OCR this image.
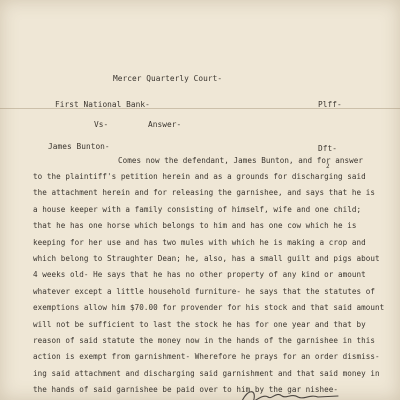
Mercer Quarterly Court-
First National Bank-	Plff-
Vs-	Answer-
James Bunton-	Dft-
Comes now the defendant, James Bunton, and for answer
to the plaintiff's petition herein and as a grounds for discharging said
2
the attachment herein and for releasing the garnishee, and says that he is
a house keeper with a family consisting of himself, wife and one child;
that he has one horse which belongs to him and has one cow which he is
keeping for her use and has two mules with which he is making a crop and
which belong to Straughter Dean; he, also, has a small guilt and pigs about
4 weeks old- He says that he has no other property of any kind or amount
whatever except a little household furniture- he says that the statutes of
exemptions allow him $70.00 for provender for his stock and that said amount
will not be sufficient to last the stock he has for one year and that by
reason of said statute the money now in the hands of the garnishee in this
action is exempt from garnishment- Wherefore he prays for an order dismiss-
ing said attachment and discharging said garnishment and that said money in
the hands of said garnishee be paid over to him by the gar nishee-
